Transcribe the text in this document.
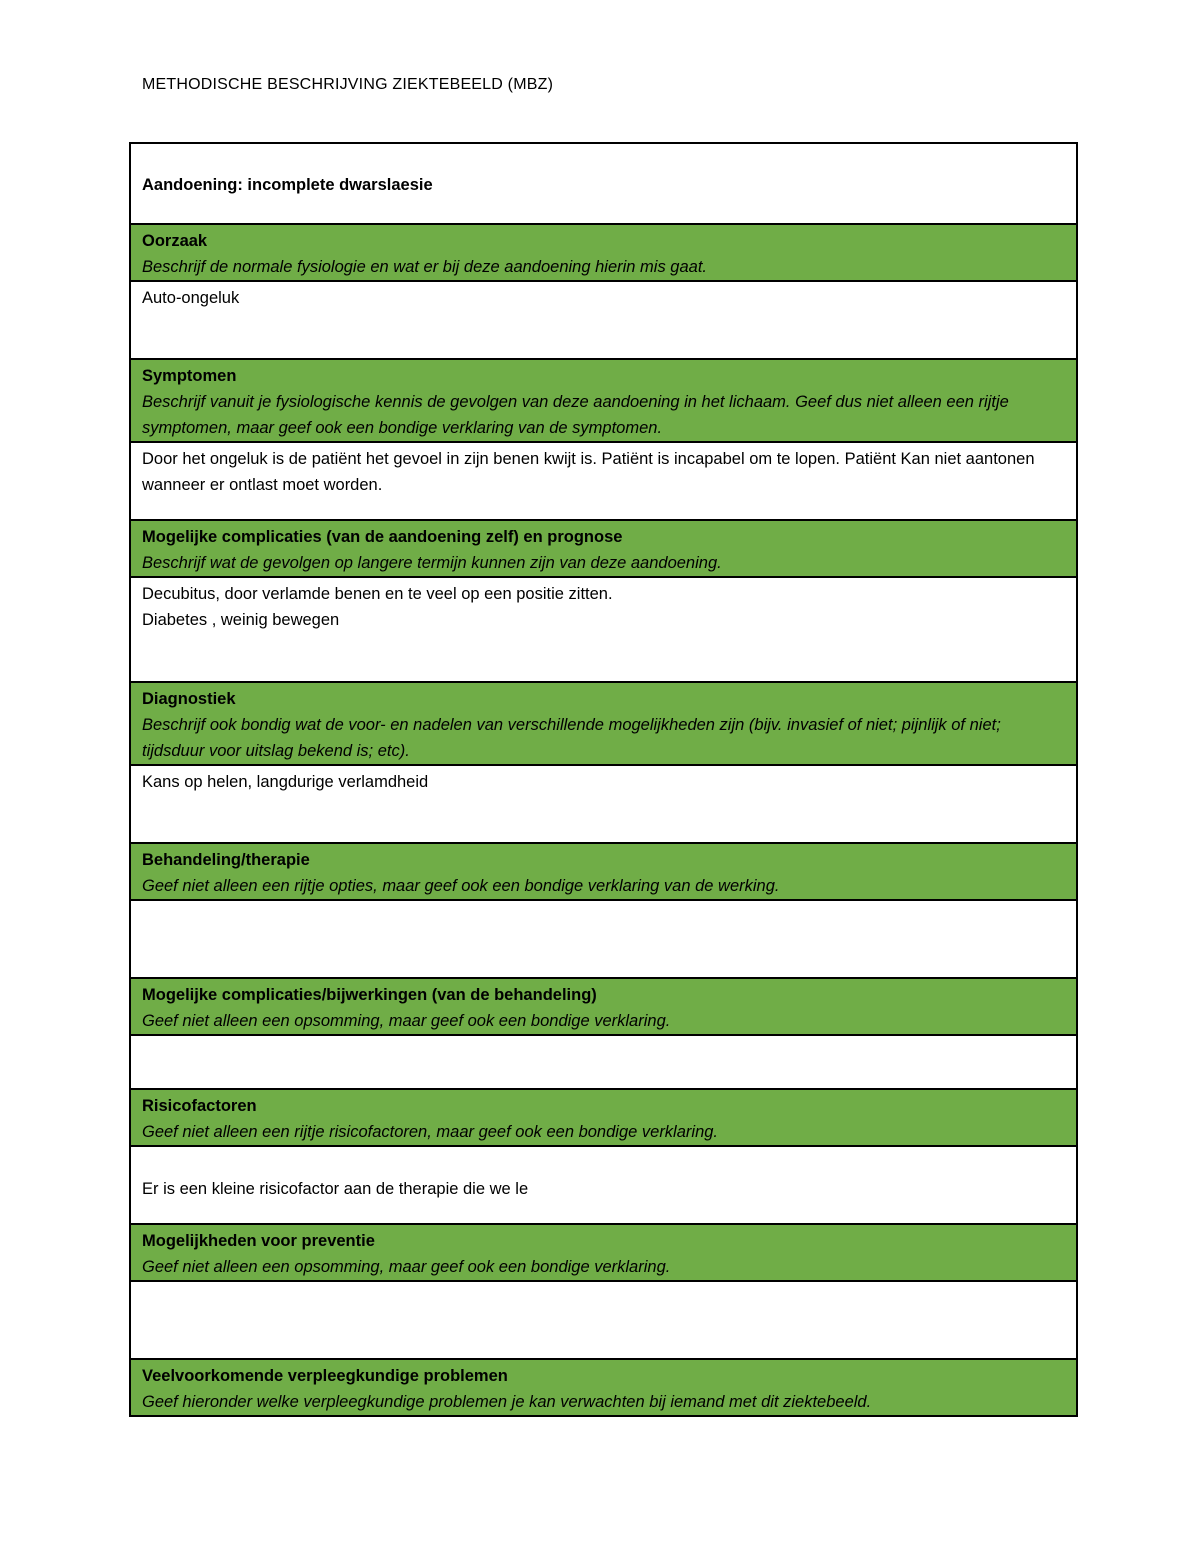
METHODISCHE BESCHRIJVING ZIEKTEBEELD (MBZ)
Aandoening: incomplete dwarslaesie

Oorzaak
Beschrijf de normale fysiologie en wat er bij deze aandoening hierin mis gaat.

Auto-ongeluk

Symptomen
Beschrijf vanuit je fysiologische kennis de gevolgen van deze aandoening in het lichaam. Geef dus niet alleen een rijtje symptomen, maar geef ook een bondige verklaring van de symptomen.

Door het ongeluk is de patiënt het gevoel in zijn benen kwijt is. Patiënt is incapabel om te lopen. Patiënt Kan niet aantonen wanneer er ontlast moet worden.

Mogelijke complicaties (van de aandoening zelf) en prognose
Beschrijf wat de gevolgen op langere termijn kunnen zijn van deze aandoening.

Decubitus, door verlamde benen en te veel op een positie zitten.
Diabetes , weinig bewegen

Diagnostiek
Beschrijf ook bondig wat de voor- en nadelen van verschillende mogelijkheden zijn (bijv. invasief of niet; pijnlijk of niet; tijdsduur voor uitslag bekend is; etc).

Kans op helen, langdurige verlamdheid

Behandeling/therapie
Geef niet alleen een rijtje opties, maar geef ook een bondige verklaring van de werking.

Mogelijke complicaties/bijwerkingen (van de behandeling)
Geef niet alleen een opsomming, maar geef ook een bondige verklaring.

Risicofactoren
Geef niet alleen een rijtje risicofactoren, maar geef ook een bondige verklaring.

Er is een kleine risicofactor aan de therapie die we le

Mogelijkheden voor preventie
Geef niet alleen een opsomming, maar geef ook een bondige verklaring.

Veelvoorkomende verpleegkundige problemen
Geef hieronder welke verpleegkundige problemen je kan verwachten bij iemand met dit ziektebeeld.
